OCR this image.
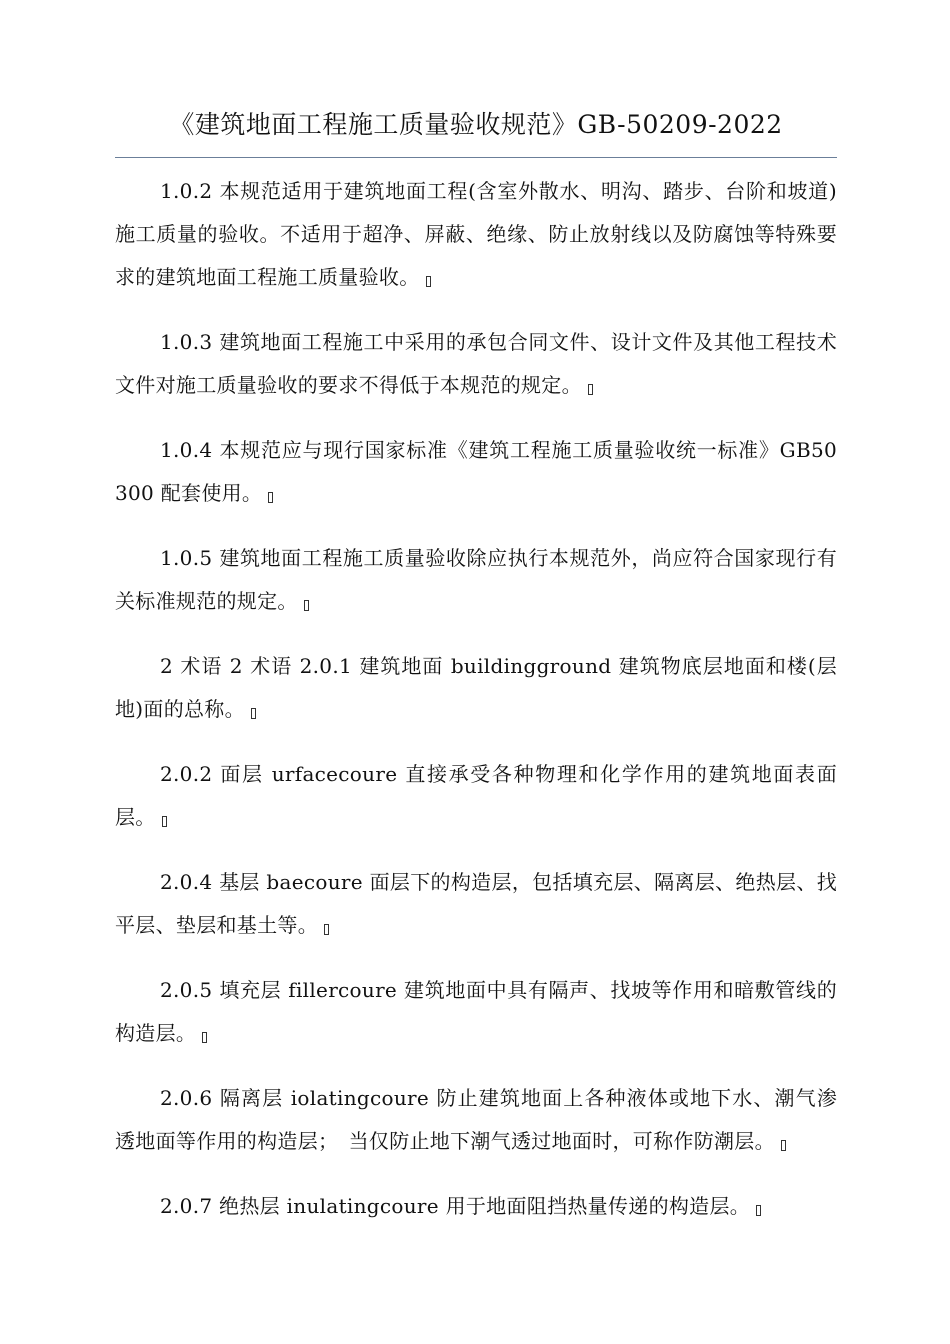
《建筑地面工程施工质量验收规范》GB-50209-2022

1.0.2 本规范适用于建筑地面工程(含室外散水、明沟、踏步、台阶和坡道)施工质量的验收。不适用于超净、屏蔽、绝缘、防止放射线以及防腐蚀等特殊要求的建筑地面工程施工质量验收。

1.0.3 建筑地面工程施工中采用的承包合同文件、设计文件及其他工程技术文件对施工质量验收的要求不得低于本规范的规定。

1.0.4 本规范应与现行国家标准《建筑工程施工质量验收统一标准》GB50300 配套使用。

1.0.5 建筑地面工程施工质量验收除应执行本规范外，尚应符合国家现行有关标准规范的规定。

2 术语 2 术语 2.0.1 建筑地面 buildingground 建筑物底层地面和楼(层地)面的总称。

2.0.2 面层 urfacecoure 直接承受各种物理和化学作用的建筑地面表面层。

2.0.4 基层 baecoure 面层下的构造层，包括填充层、隔离层、绝热层、找平层、垫层和基土等。

2.0.5 填充层 fillercoure 建筑地面中具有隔声、找坡等作用和暗敷管线的构造层。

2.0.6 隔离层 iolatingcoure 防止建筑地面上各种液体或地下水、潮气渗透地面等作用的构造层；　当仅防止地下潮气透过地面时，可称作防潮层。

2.0.7 绝热层 inulatingcoure 用于地面阻挡热量传递的构造层。
